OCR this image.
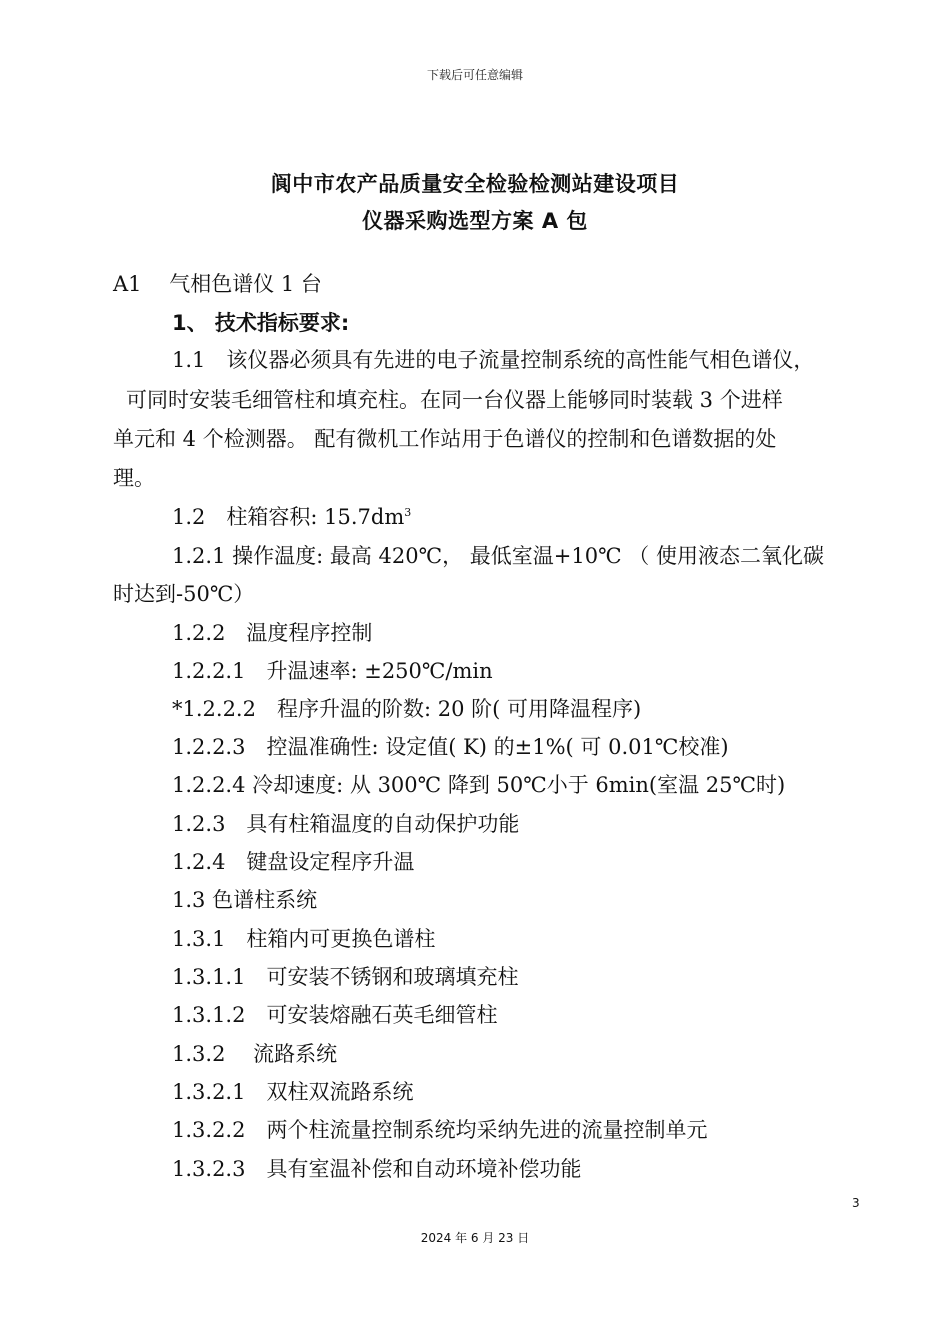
下载后可任意编辑
阆中市农产品质量安全检验检测站建设项目
仪器采购选型方案 A 包
A1　 气相色谱仪 1 台
1、 技术指标要求:
1.1　该仪器必须具有先进的电子流量控制系统的高性能气相色谱仪，
可同时安装毛细管柱和填充柱。在同一台仪器上能够同时装载 3 个进样
单元和 4 个检测器。 配有微机工作站用于色谱仪的控制和色谱数据的处
理。
1.2　柱箱容积: $15.7dm^3$
1.2.1 操作温度: 最高 420℃， 最低室温+10℃ （ 使用液态二氧化碳
时达到-50℃）
1.2.2　温度程序控制
1.2.2.1　升温速率: ±250℃/min
*1.2.2.2　程序升温的阶数: 20 阶( 可用降温程序)
1.2.2.3　控温准确性: 设定值( K) 的±1%( 可 0.01℃校准)
1.2.2.4 冷却速度: 从 300℃ 降到 50℃小于 6min(室温 25℃时)
1.2.3　具有柱箱温度的自动保护功能
1.2.4　键盘设定程序升温
1.3 色谱柱系统
1.3.1　柱箱内可更换色谱柱
1.3.1.1　可安装不锈钢和玻璃填充柱
1.3.1.2　可安装熔融石英毛细管柱
1.3.2　 流路系统
1.3.2.1　双柱双流路系统
1.3.2.2　两个柱流量控制系统均采纳先进的流量控制单元
1.3.2.3　具有室温补偿和自动环境补偿功能
3
2024 年 6 月 23 日
